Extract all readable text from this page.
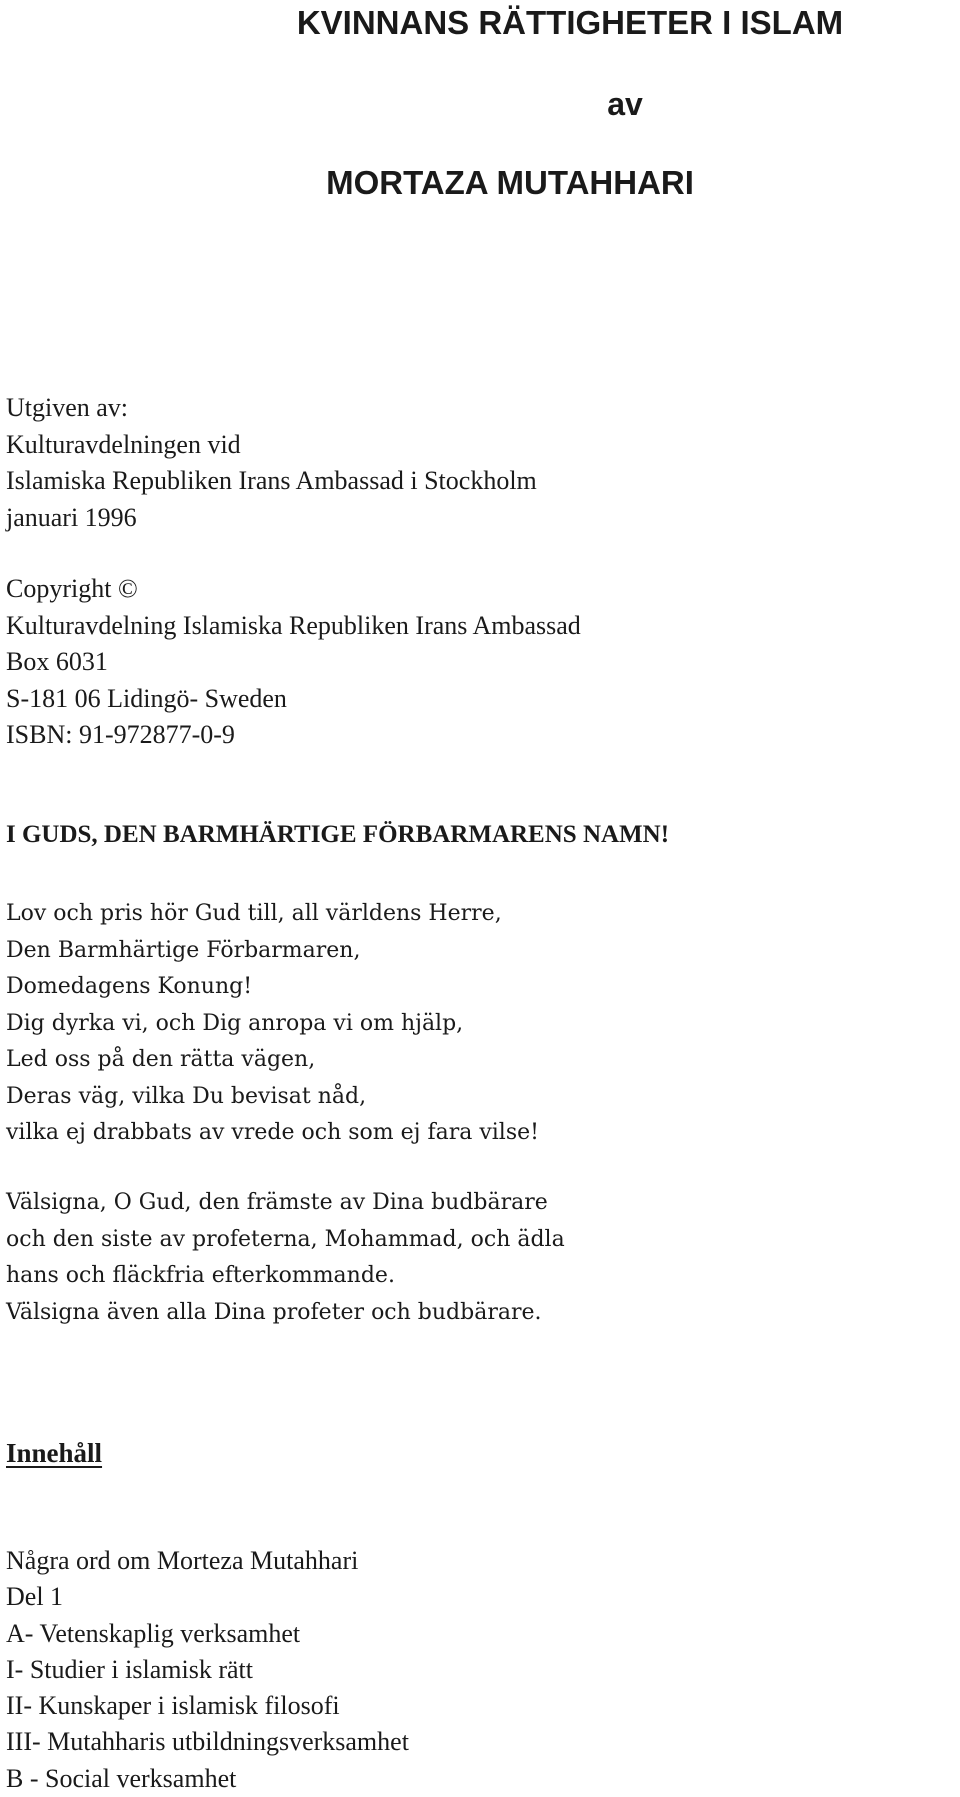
KVINNANS RÄTTIGHETER I ISLAM
av
MORTAZA MUTAHHARI
Utgiven av:
Kulturavdelningen vid
Islamiska Republiken Irans Ambassad i Stockholm
januari 1996
Copyright ©
Kulturavdelning Islamiska Republiken Irans Ambassad
Box 6031
S-181 06 Lidingö- Sweden
ISBN: 91-972877-0-9
I GUDS, DEN BARMHÄRTIGE FÖRBARMARENS NAMN!
Lov och pris hör Gud till, all världens Herre,
Den Barmhärtige Förbarmaren,
Domedagens Konung!
Dig dyrka vi, och Dig anropa vi om hjälp,
Led oss på den rätta vägen,
Deras väg, vilka Du bevisat nåd,
vilka ej drabbats av vrede och som ej fara vilse!
Välsigna, O Gud, den främste av Dina budbärare
och den siste av profeterna, Mohammad, och ädla
hans och fläckfria efterkommande.
Välsigna även alla Dina profeter och budbärare.
Innehåll
Några ord om Morteza Mutahhari
Del 1
A- Vetenskaplig verksamhet
I- Studier i islamisk rätt
II- Kunskaper i islamisk filosofi
III- Mutahharis utbildningsverksamhet
B - Social verksamhet
